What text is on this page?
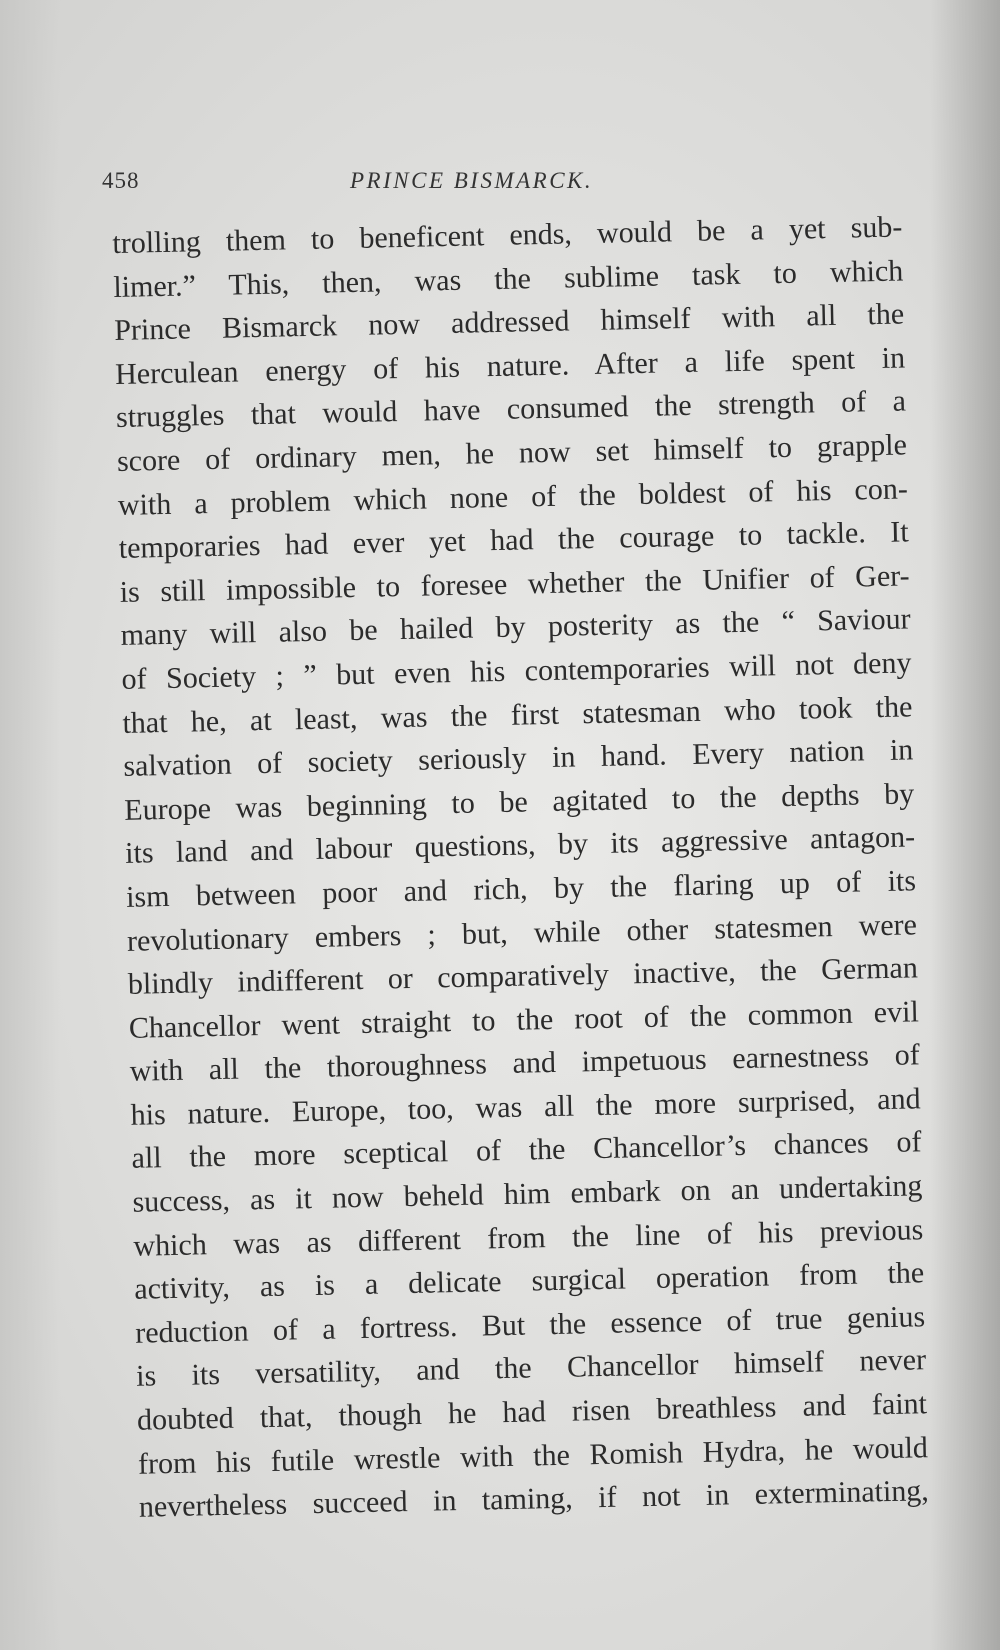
458	PRINCE BISMARCK.
trolling them to beneficent ends, would be a yet sub-
limer.” This, then, was the sublime task to which
Prince Bismarck now addressed himself with all the
Herculean energy of his nature. After a life spent in
struggles that would have consumed the strength of a
score of ordinary men, he now set himself to grapple
with a problem which none of the boldest of his con-
temporaries had ever yet had the courage to tackle. It
is still impossible to foresee whether the Unifier of Ger-
many will also be hailed by posterity as the “ Saviour
of Society ; ” but even his contemporaries will not deny
that he, at least, was the first statesman who took the
salvation of society seriously in hand. Every nation in
Europe was beginning to be agitated to the depths by
its land and labour questions, by its aggressive antagon-
ism between poor and rich, by the flaring up of its
revolutionary embers ; but, while other statesmen were
blindly indifferent or comparatively inactive, the German
Chancellor went straight to the root of the common evil
with all the thoroughness and impetuous earnestness of
his nature. Europe, too, was all the more surprised, and
all the more sceptical of the Chancellor’s chances of
success, as it now beheld him embark on an undertaking
which was as different from the line of his previous
activity, as is a delicate surgical operation from the
reduction of a fortress. But the essence of true genius
is its versatility, and the Chancellor himself never
doubted that, though he had risen breathless and faint
from his futile wrestle with the Romish Hydra, he would
nevertheless succeed in taming, if not in exterminating,
